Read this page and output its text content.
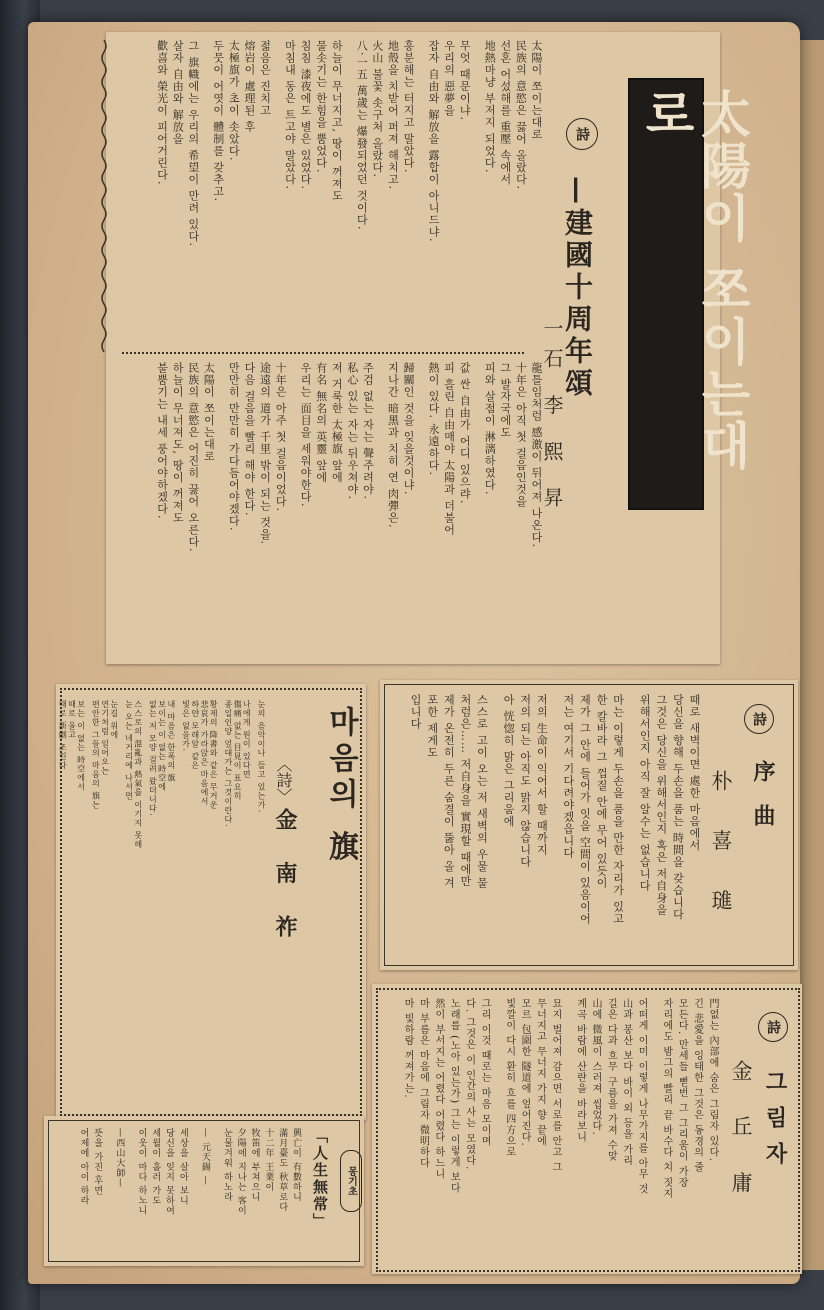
太陽이 쪼이는대로
詩
—建國十周年頌
一石 李 熙 昇
太陽이 쪼이는대로
民族의 意慾은 끓어 올랐다.
선혼 어섰해를 重壓 속에서
地熱마냥 부저지 되었다.
무엇 때문이냐.
우리의 惡夢을
잡자 自由와 解放을 露합이 아니드냐.
흥분해는 터지고 말았다.
地殼을 치받어 퍼져 해치고.
火山 불꽃 솟구처 올랐다.
八·一五 萬歲는 爆發되었던 것이다.
하늘이 무너지고, 땅이 꺼져도
물솟기는 한힘을 뿜었다.
침침 漆夜에도 별은 있었다.
마침내 동은 트고야 말았다.
젊음은 진치고
熔岩이 處理된 후
太極旗가 초이 솟았다.
두뭇이 어엿이 體制를 갖추고.
그 旗幟에는 우리의 希望이 만려 있다.
살자 自由와 解放을
歡喜와 榮光이 피어거린다.
龍틀임처럼 感激이 뒤어져 나온다.
十年은 아직 첫 걸음인것을
그 발자국에도
피와 살점이 淋漓하였다.
값 싼 自由가 어디 있으랴.
피 흘린 自由매야 太陽과 더불어
熱이 있다. 永遠하다.
歸關인 것을 잊을것이냐.
지나간 暗黑과 치히 연 肉彈은.
주검 없는 자는 聲주려야.
私心 있는 자는 뒤우쳐야.
저 거룩한 太極旗 앞에
有名 無名의 英靈 앞에
우리는 面目을 세워야한다.
十年은 아주 첫 걸음이었다.
途遠의 道가 千里 밖이 되는 것을.
다음 걸음을 빨리 해야 한다.
만만히 만만히 가다듬어야겠다.
太陽이 쪼이는대로
民族의 意慾은 어진히 끓어 오른다.
하늘이 무너져도, 땅이 꺼져도
불뿜기는 내세 풍어야하겠다.
詩
序曲
朴 喜 璡
때로 새벽이면 處한 마음에서
당신을 향해 두손을 품는 時間을 갖습니다
그것은 당신을 위해서인지 혹은 저自身을
위해서인지 아직 잘 알수는 없습니다
마는 이렇게 두손을 품을 만한 자리가 있고
한 칼바라 그 껍질 안에 무어 있듯이
제가 그 안에 들어가 잇을 空間이 있음이어
저는 여기서 기다려야겠읍니다
저의 生命이 익어서 할 때까지
저의 되는 아직도 맑지 않습니다
아 恍惚히 맑은 그리움에
스스로 고이 오는 저 새벽의 우물 물
처럼은…… 저自身을 實現할 때에만
제가 온전히 두른 숨결이 뚫아 올 겨
포한 제게도
입니다
마음의 旗
〈詩〉
金 南 祚
눈의 음악이나 들고 있는가.
나에게 원이 있다면
傷痛 없는 目見이 표요히
종일인양 엎대가는 그것이란다.
황제의 降書와 같은 무거운
悲哀가 가라앉은 마음에서
하얀 모래알 같은
빛은 없을가.
내 마음은 한폭의 旗
보이는 이 없는 時空에
없는 저 모양 걸려 왔더니다.
스스로의 混亂과 熱氣를 이기지 못해
눈 오는 네거리에 나서면
눈길 위에
연기처럼 일어오는
편안한 그들의 마음의 旗는
보는 이 없는 時空에서
때로 울고
때로 新劇 조린다.
詩
그림자
金 丘 庸
門없는 內部에 숨은 그림자 있다.
긴 悲愛을 잉태한 그것은 동경의 줄
모든다. 만세들 뻗번 그 그리움이 가장
자리에도 밤그의 빨리 끝 바수다 치 짓지
어떠게 이미 이렇게 나무가지를 아무 것
山과 봉산 보다 바이 외 등을 가리
길은 다과 흐무 구름을 가져 수맞
山에 微風이 스러져 씹었다.
계곡 바람에 산란을 바라보니
묘지 벌어져 감으면 서로를 안고 그
무너지고 무너지 가지 향 끝에
모르 包圍한 隧道에 엎어진다.
빛깔이 다시 환히 흐를 四方으로
그리 이것 때로는 마음 모이며
다. 그것은 이 인간의 사는 모였다.
노래를 (노아 있는가) 그는 이렇게 보다
然이 부서지는 어렸다 어렸다 하느니
마 부름은 마음에 그림자 微明하다
마 빛하람 꺼져가는.
몽기초
「人生無常」
興亡이 有數하니
滿月臺도 秋草로다
十二年 王業이
牧笛에 부쳐으니
夕陽에 지나는 客이
눈물겨워 하노라
— 元天錫 —
세상을 살아 보니
당신을 잊지 못하여
세월이 흘러 가도
이웃이 마다 하노니
—西山大師—
뜻을 가진 후면
어제에 아이 하라
